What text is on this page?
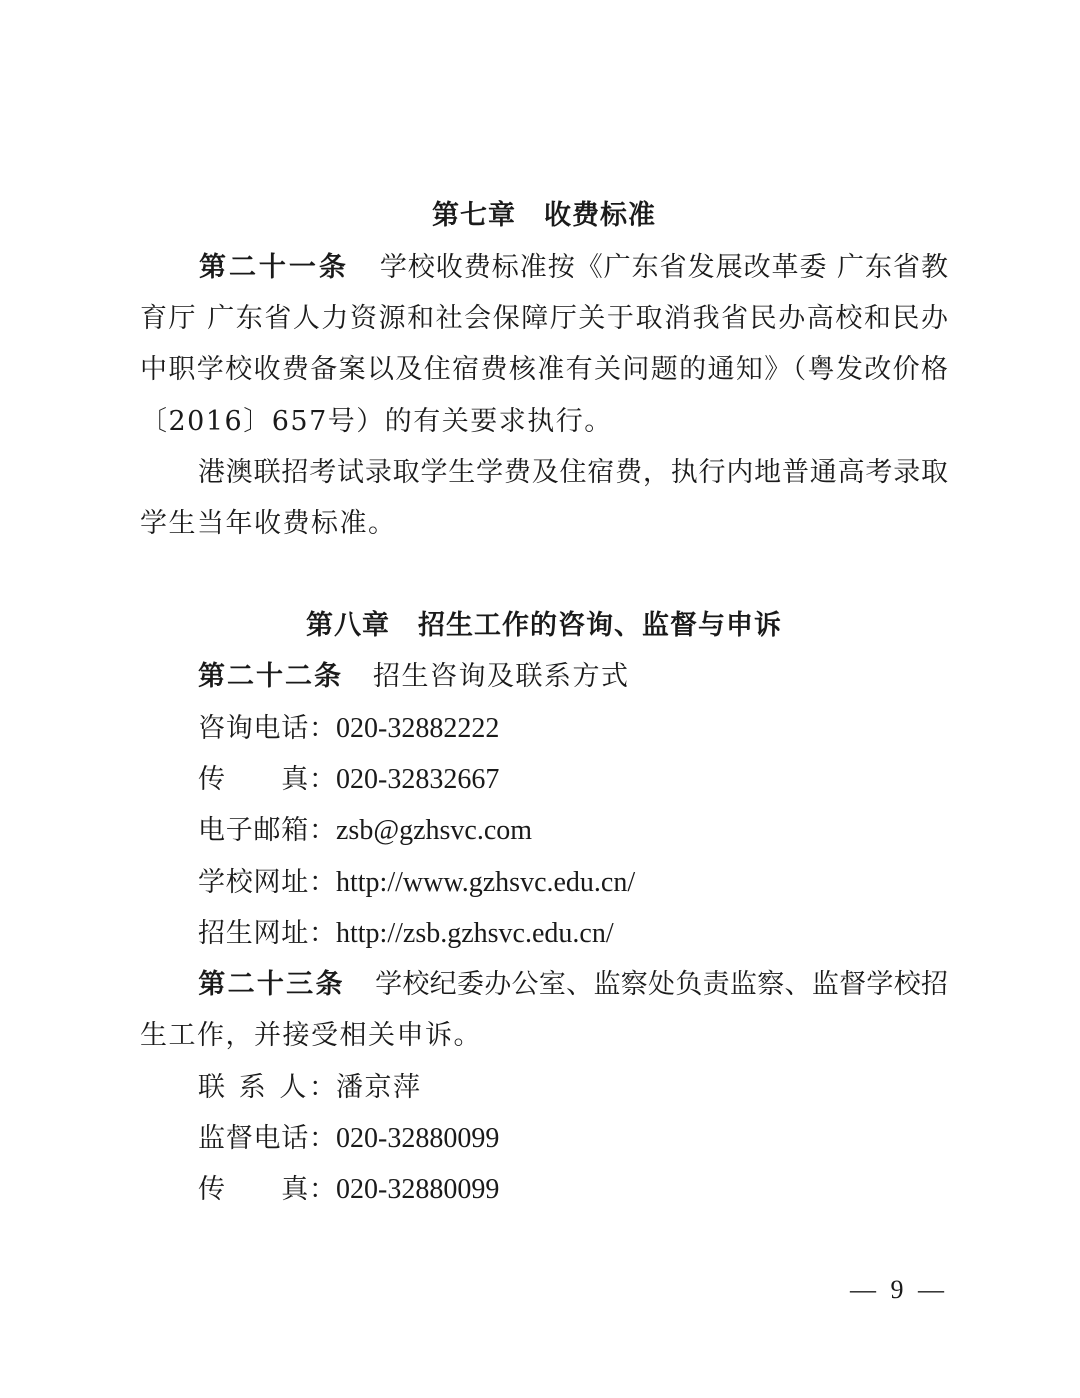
第七章　收费标准
第二十一条 学校收费标准按《广东省发展改革委 广东省教
育厅 广东省人力资源和社会保障厅关于取消我省民办高校和民办
中职学校收费备案以及住宿费核准有关问题的通知》（粤发改价格
〔2016〕657号）的有关要求执行。
港澳联招考试录取学生学费及住宿费，执行内地普通高考录取
学生当年收费标准。
第八章　招生工作的咨询、监督与申诉
第二十二条 招生咨询及联系方式
咨询电话：020-32882222
传　　真：020-32832667
电子邮箱：zsb@gzhsvc.com
学校网址：http://www.gzhsvc.edu.cn/
招生网址：http://zsb.gzhsvc.edu.cn/
第二十三条 学校纪委办公室、监察处负责监察、监督学校招
生工作，并接受相关申诉。
联 系 人：潘京萍
监督电话：020-32880099
传　　真：020-32880099
— 9 —
